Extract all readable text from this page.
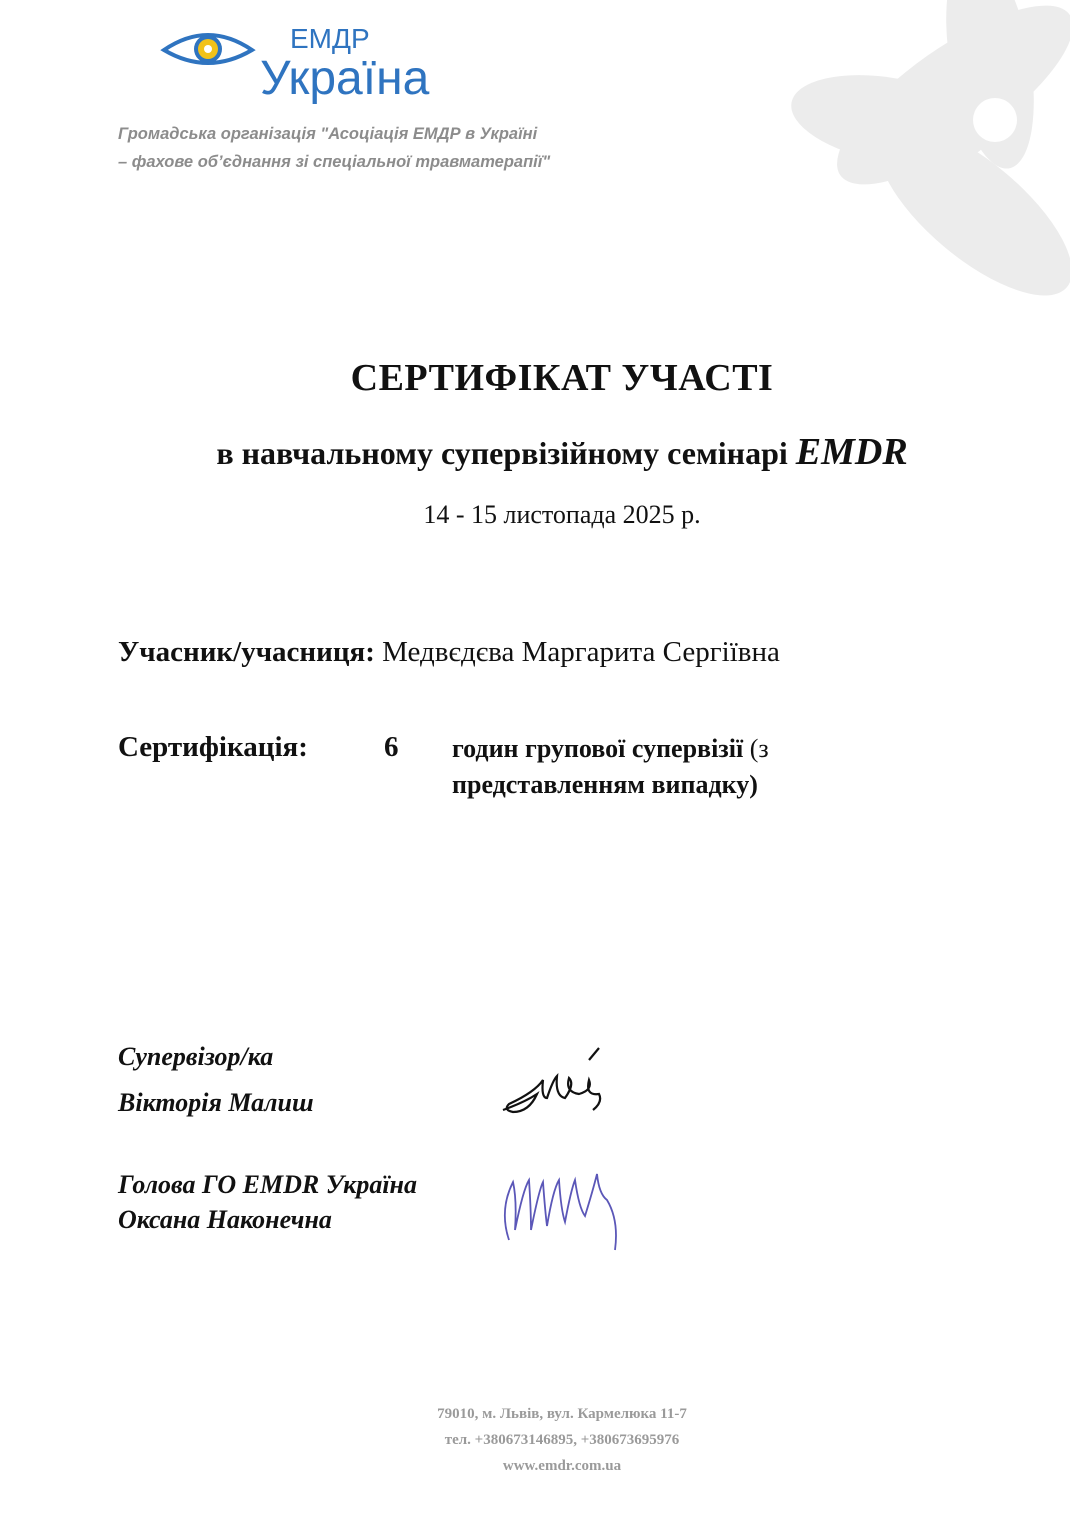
ЕМДР
Україна
Громадська організація "Асоціація ЕМДР в Україні
– фахове об’єднання зі спеціальної травматерапії"
СЕРТИФІКАТ УЧАСТІ
в навчальному супервізійному семінарі EMDR
14 - 15 листопада 2025 р.
Учасник/учасниця: Медвєдєва Маргарита Сергіївна
Сертифікація:	6 годин групової супервізії (з
представленням випадку)
Супервізор/ка
Вікторія Малиш
Голова ГО EMDR Україна
Оксана Наконечна
79010, м. Львів, вул. Кармелюка 11-7
тел. +380673146895, +380673695976
www.emdr.com.ua
